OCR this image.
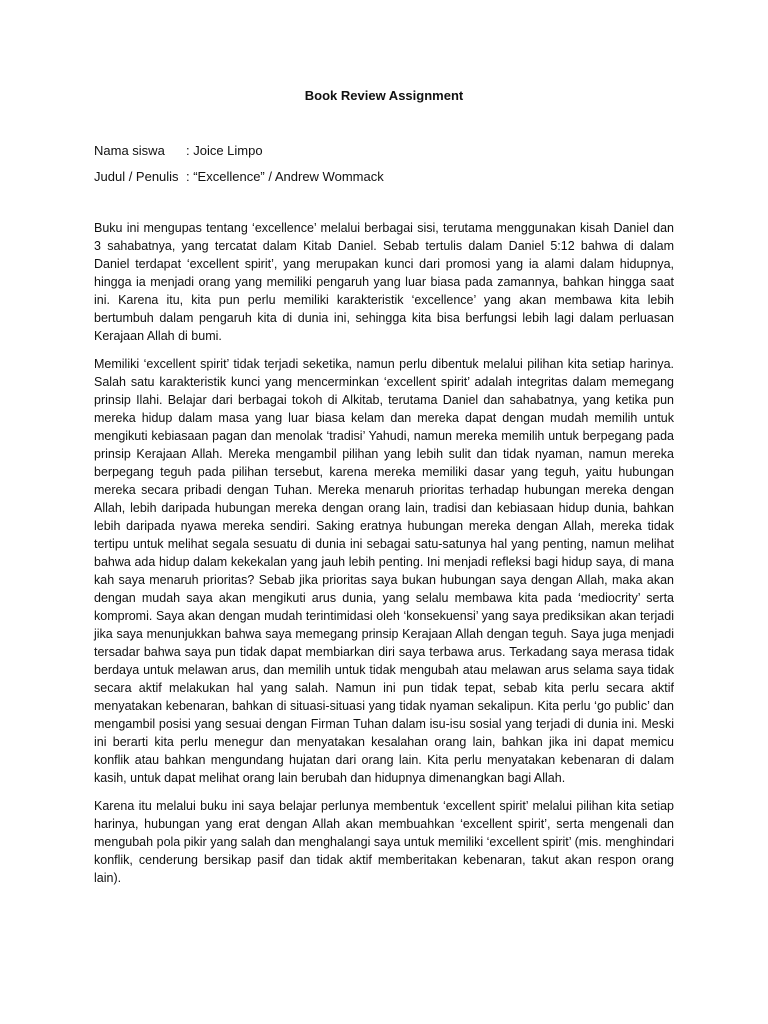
Book Review Assignment
Nama siswa : Joice Limpo
Judul / Penulis : “Excellence” / Andrew Wommack

Buku ini mengupas tentang ‘excellence’ melalui berbagai sisi, terutama menggunakan kisah Daniel dan 3 sahabatnya, yang tercatat dalam Kitab Daniel. Sebab tertulis dalam Daniel 5:12 bahwa di dalam Daniel terdapat ‘excellent spirit’, yang merupakan kunci dari promosi yang ia alami dalam hidupnya, hingga ia menjadi orang yang memiliki pengaruh yang luar biasa pada zamannya, bahkan hingga saat ini. Karena itu, kita pun perlu memiliki karakteristik ‘excellence’ yang akan membawa kita lebih bertumbuh dalam pengaruh kita di dunia ini, sehingga kita bisa berfungsi lebih lagi dalam perluasan Kerajaan Allah di bumi.

Memiliki ‘excellent spirit’ tidak terjadi seketika, namun perlu dibentuk melalui pilihan kita setiap harinya. Salah satu karakteristik kunci yang mencerminkan ‘excellent spirit’ adalah integritas dalam memegang prinsip Ilahi. Belajar dari berbagai tokoh di Alkitab, terutama Daniel dan sahabatnya, yang ketika pun mereka hidup dalam masa yang luar biasa kelam dan mereka dapat dengan mudah memilih untuk mengikuti kebiasaan pagan dan menolak ‘tradisi’ Yahudi, namun mereka memilih untuk berpegang pada prinsip Kerajaan Allah. Mereka mengambil pilihan yang lebih sulit dan tidak nyaman, namun mereka berpegang teguh pada pilihan tersebut, karena mereka memiliki dasar yang teguh, yaitu hubungan mereka secara pribadi dengan Tuhan. Mereka menaruh prioritas terhadap hubungan mereka dengan Allah, lebih daripada hubungan mereka dengan orang lain, tradisi dan kebiasaan hidup dunia, bahkan lebih daripada nyawa mereka sendiri. Saking eratnya hubungan mereka dengan Allah, mereka tidak tertipu untuk melihat segala sesuatu di dunia ini sebagai satu-satunya hal yang penting, namun melihat bahwa ada hidup dalam kekekalan yang jauh lebih penting. Ini menjadi refleksi bagi hidup saya, di mana kah saya menaruh prioritas? Sebab jika prioritas saya bukan hubungan saya dengan Allah, maka akan dengan mudah saya akan mengikuti arus dunia, yang selalu membawa kita pada ‘mediocrity’ serta kompromi. Saya akan dengan mudah terintimidasi oleh ‘konsekuensi’ yang saya prediksikan akan terjadi jika saya menunjukkan bahwa saya memegang prinsip Kerajaan Allah dengan teguh. Saya juga menjadi tersadar bahwa saya pun tidak dapat membiarkan diri saya terbawa arus. Terkadang saya merasa tidak berdaya untuk melawan arus, dan memilih untuk tidak mengubah atau melawan arus selama saya tidak secara aktif melakukan hal yang salah. Namun ini pun tidak tepat, sebab kita perlu secara aktif menyatakan kebenaran, bahkan di situasi-situasi yang tidak nyaman sekalipun. Kita perlu ‘go public’ dan mengambil posisi yang sesuai dengan Firman Tuhan dalam isu-isu sosial yang terjadi di dunia ini. Meski ini berarti kita perlu menegur dan menyatakan kesalahan orang lain, bahkan jika ini dapat memicu konflik atau bahkan mengundang hujatan dari orang lain. Kita perlu menyatakan kebenaran di dalam kasih, untuk dapat melihat orang lain berubah dan hidupnya dimenangkan bagi Allah.

Karena itu melalui buku ini saya belajar perlunya membentuk ‘excellent spirit’ melalui pilihan kita setiap harinya, hubungan yang erat dengan Allah akan membuahkan ‘excellent spirit’, serta mengenali dan mengubah pola pikir yang salah dan menghalangi saya untuk memiliki ‘excellent spirit’ (mis. menghindari konflik, cenderung bersikap pasif dan tidak aktif memberitakan kebenaran, takut akan respon orang lain).
